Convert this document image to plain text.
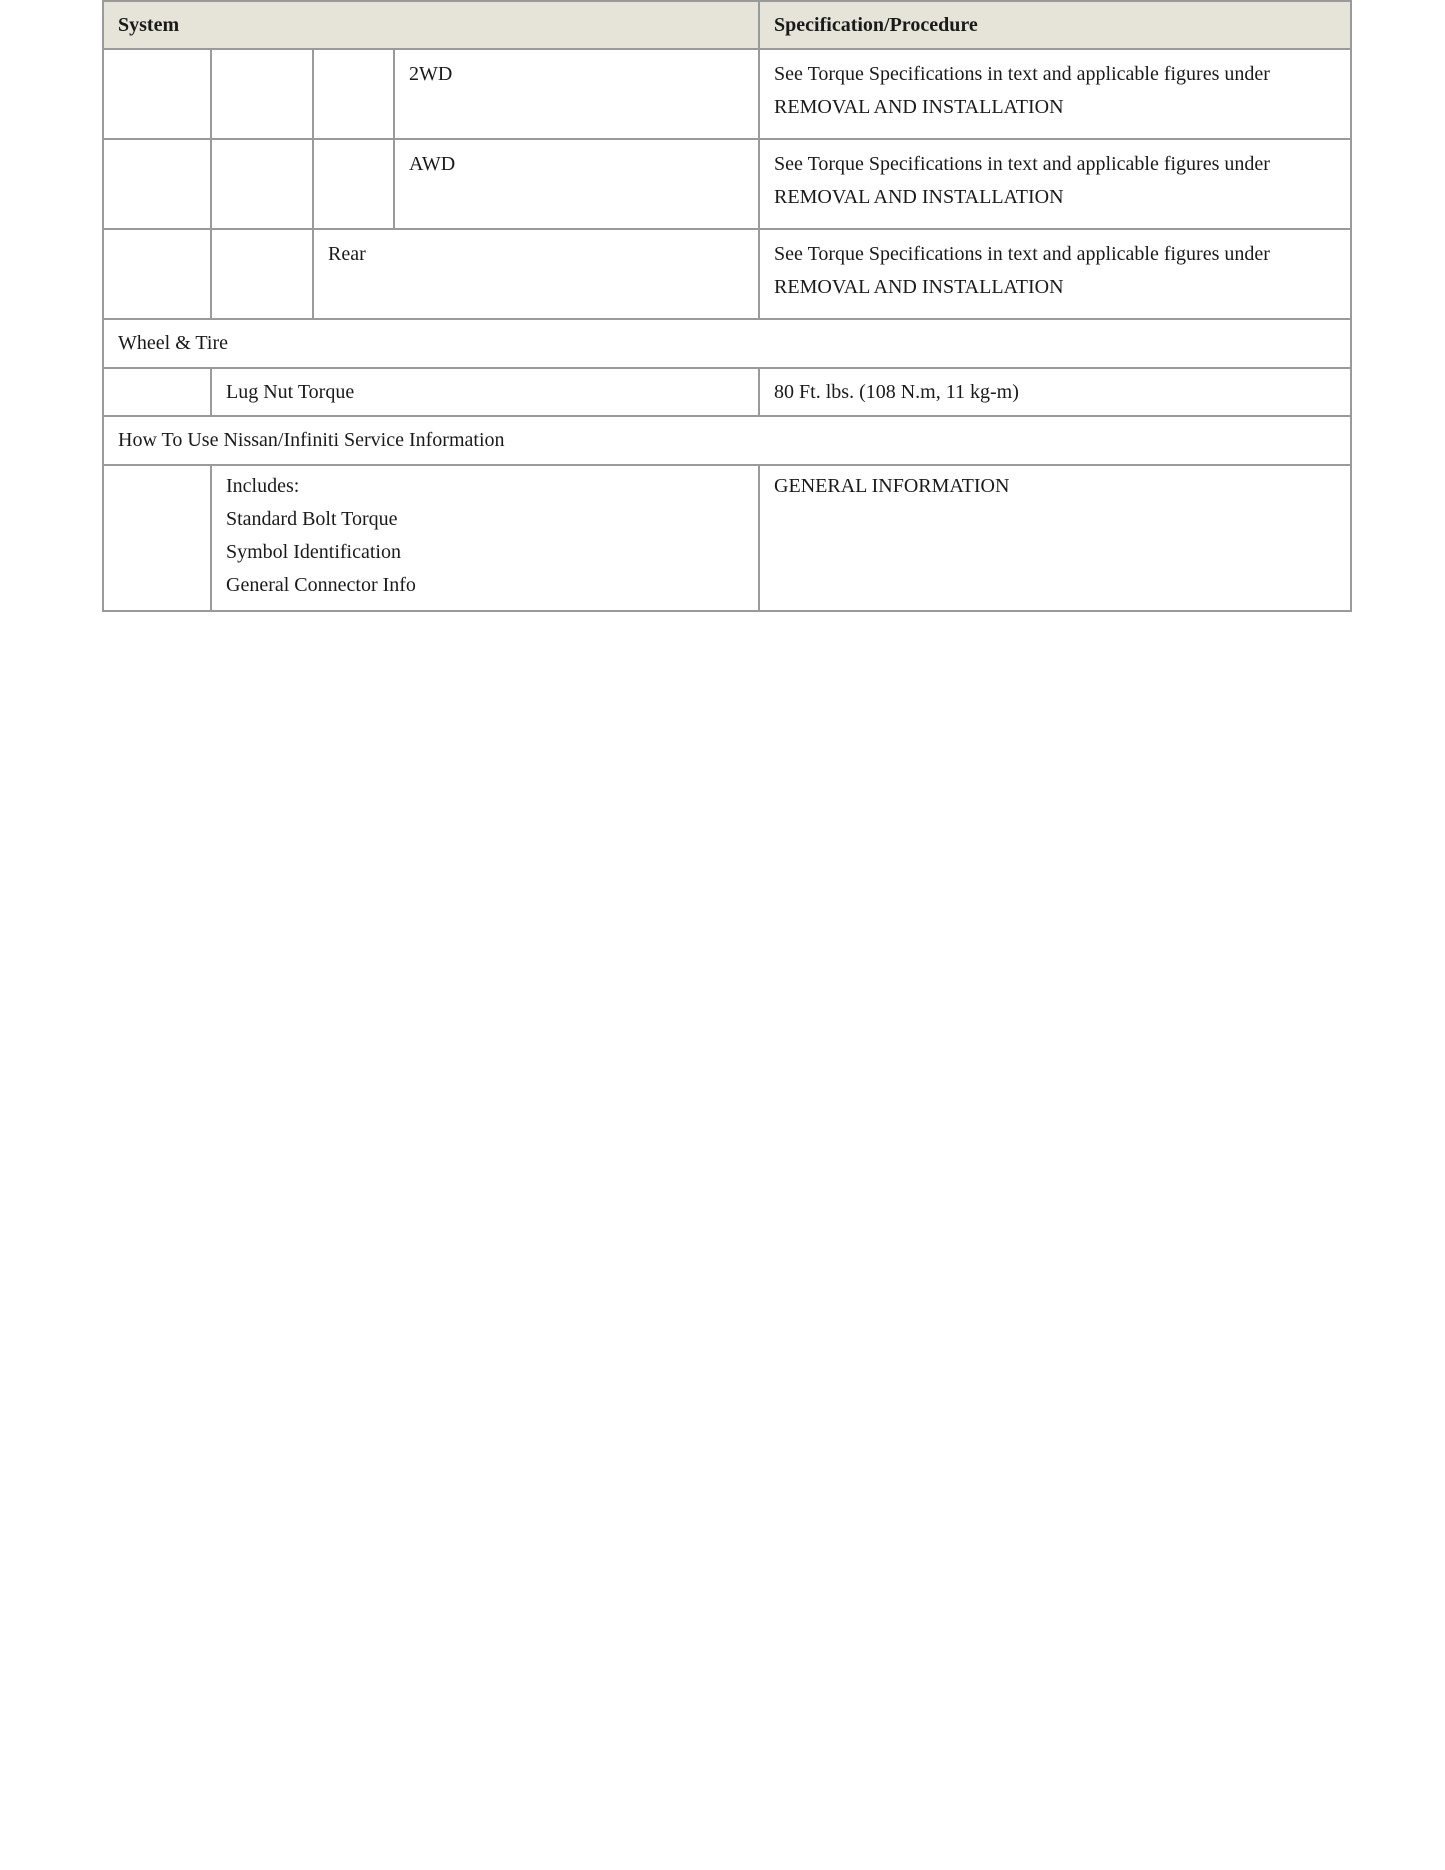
System				Specification/Procedure
			2WD	See Torque Specifications in text and applicable figures under
REMOVAL AND INSTALLATION

			AWD	See Torque Specifications in text and applicable figures under
REMOVAL AND INSTALLATION

		Rear		See Torque Specifications in text and applicable figures under
REMOVAL AND INSTALLATION

Wheel & Tire				
	Lug Nut Torque			80 Ft. lbs. (108 N.m, 11 kg-m)
How To Use Nissan/Infiniti Service Information				

	Includes:
Standard Bolt Torque
Symbol Identification
General Connector Info			GENERAL INFORMATION
